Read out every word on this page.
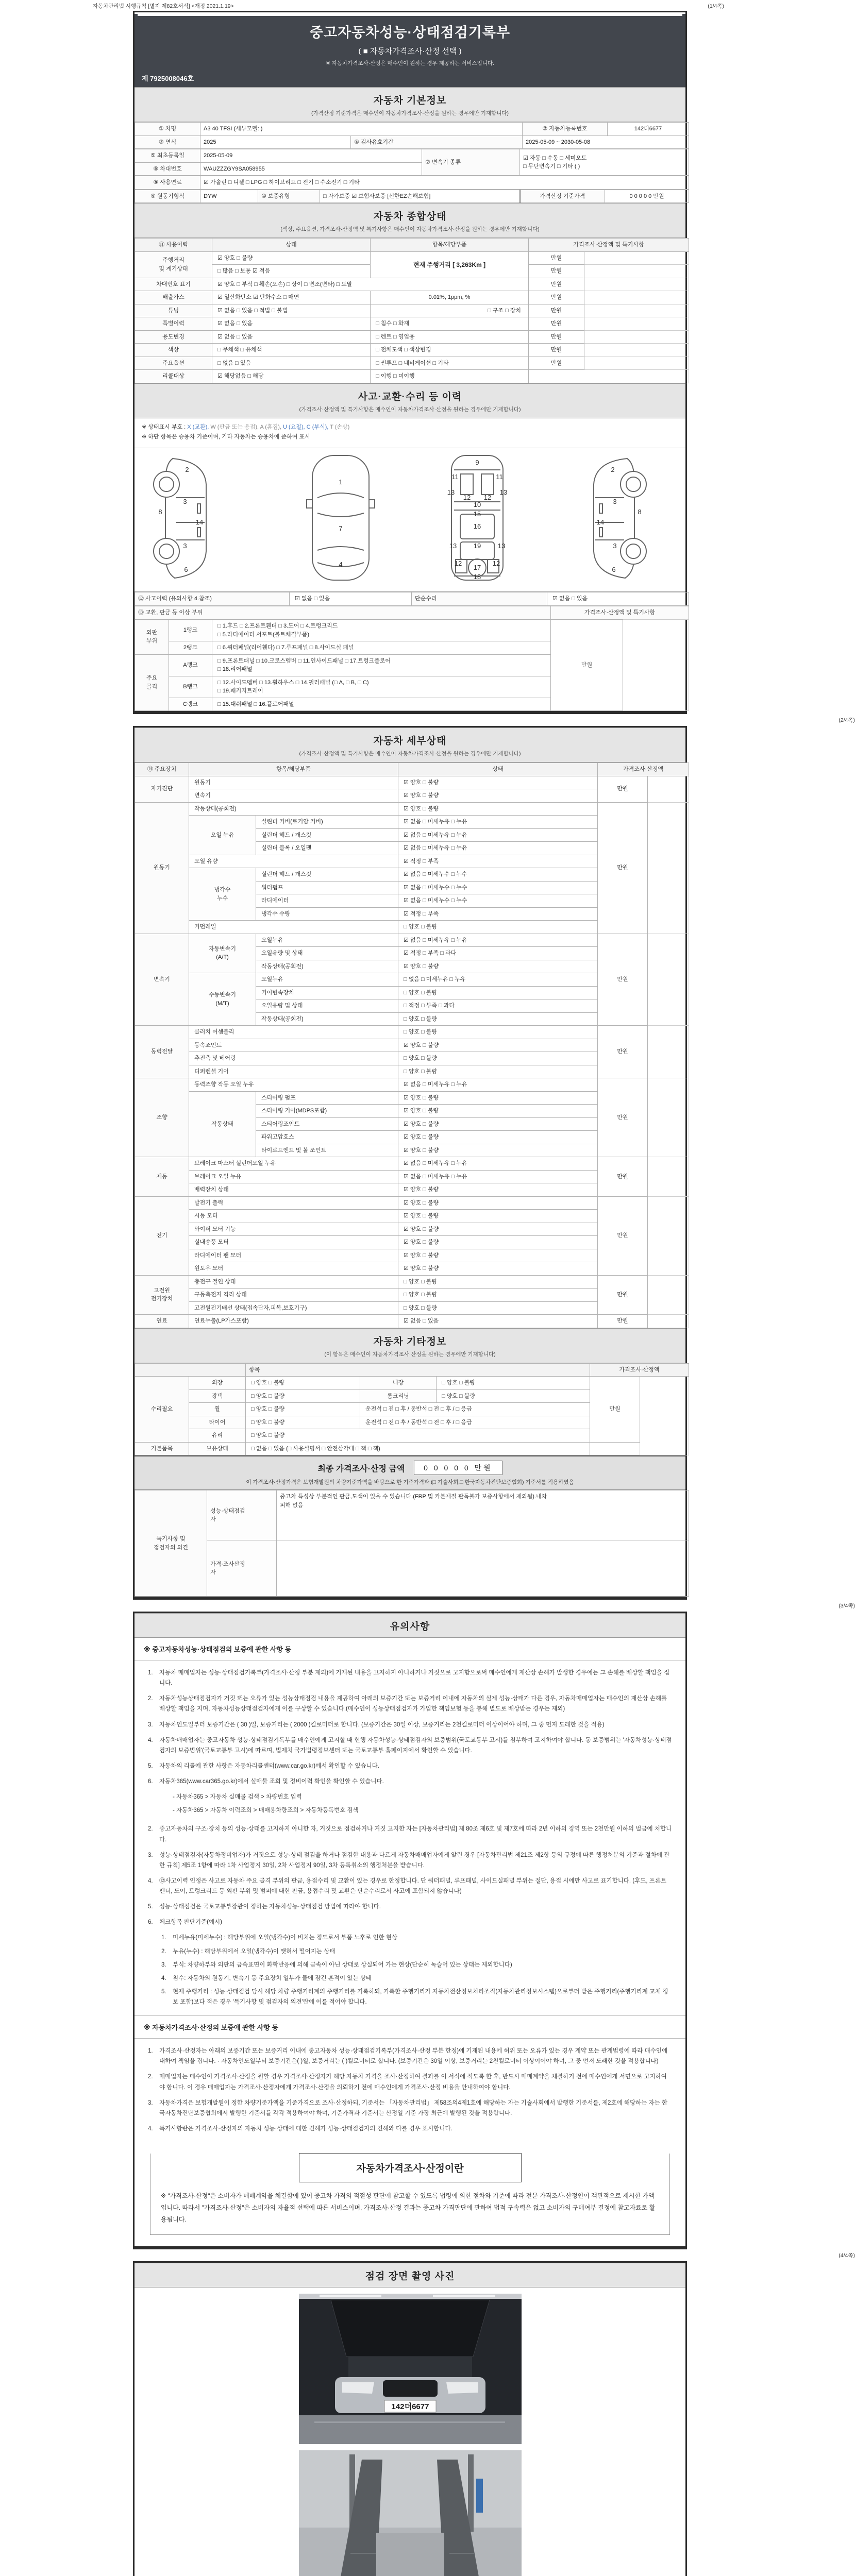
자동차관리법 시행규칙 [별지 제82호서식] <개정 2021.1.19>	(1/4쪽)
중고자동차성능·상태점검기록부
( ■ 자동차가격조사·산정 선택 )
※ 자동차가격조사·산정은 매수인이 원하는 경우 제공하는 서비스입니다.
제 7925008046호
자동차 기본정보
(가격산정 기준가격은 매수인이 자동차가격조사·산정을 원하는 경우에만 기재합니다)
① 차명	A3 40 TFSI (세부모델: )		② 자동차등록번호	142더6677
③ 연식	2025	④ 검사유효기간	2025-05-09 ~ 2030-05-08	
⑤ 최초등록일	2025-05-09	⑦ 변속기 종류	☑ 자동 □ 수동 □ 세미오토
□ 무단변속기 □ 기타 ( )
⑥ 차대번호	WAUZZZGY9SA058955		
⑧ 사용연료	☑ 가솔린 □ 디젤 □ LPG □ 하이브리드 □ 전기 □ 수소전기 □ 기타
⑨ 원동기형식	DYW	⑩ 보증유형	□ 자가보증 ☑ 보험사보증 [신한EZ손해보험]	가격산정 기준가격	0 0 0 0 0 만원
자동차 종합상태
(색상, 주요옵션, 가격조사·산정액 및 특기사항은 매수인이 자동차가격조사·산정을 원하는 경우에만 기재합니다)
⑪ 사용이력	상태	항목/해당부품	가격조사·산정액 및 특기사항	
주행거리
및 계기상태	☑ 양호 □ 불량	현재 주행거리 [ 3,263Km ]	만원	
	□ 많음 □ 보통 ☑ 적음		만원	
차대번호 표기	☑ 양호 □ 부식 □ 훼손(오손) □ 상이 □ 변조(변타) □ 도말		만원	
배출가스	☑ 일산화탄소 ☑ 탄화수소 □ 매연	0.01%, 1ppm, %	만원	
튜닝	☑ 없음 □ 있음 □ 적법 □ 불법	□ 구조 □ 장치	만원	
특별이력	☑ 없음 □ 있음	□ 침수 □ 화재	만원	
용도변경	☑ 없음 □ 있음	□ 렌트 □ 영업용	만원	
색상	□ 무채색 □ 유채색	□ 전체도색 □ 색상변경	만원	
주요옵션	□ 없음 □ 있음	□ 썬루프 □ 네비게이션 □ 기타	만원	
리콜대상	☑ 해당없음 □ 해당	□ 이행 □ 미이행		
사고·교환·수리 등 이력
(가격조사·산정액 및 특기사항은 매수인이 자동차가격조사·산정을 원하는 경우에만 기재합니다)
※ 상태표시 부호 : X (교환), W (판금 또는 용접), A (흠집), U (요철), C (부식), T (손상)
※ 하단 항목은 승용차 기준이며, 기타 자동차는 승용차에 준하여 표시
2
8
3
14
3
6
1
7
4
9
11	11
13	13
12 12
10
15
16
13	13
19
12	12
17
18
2
8
3
14
3
6
⑫ 사고이력 (유의사항 4.참조)	☑ 없음 □ 있음	단순수리	☑ 없음 □ 있음
⑬ 교환, 판금 등 이상 부위	가격조사·산정액 및 특기사항
외판
부위	1랭크	□ 1.후드 □ 2.프론트휀더 □ 3.도어 □ 4.트렁크리드
□ 5.라디에이터 서포트(볼트체결부품)	만원	
	2랭크	□ 6.쿼터패널(리어휀다) □ 7.루프패널 □ 8.사이드실 패널		
주요
골격	A랭크	□ 9.프론트패널 □ 10.크로스멤버 □ 11.인사이드패널 □ 17.트렁크플로어
□ 18.리어패널		
	B랭크	□ 12.사이드멤버 □ 13.휠하우스 □ 14.필러패널 (□ A, □ B, □ C)
□ 19.패키지트레이		
	C랭크	□ 15.대쉬패널 □ 16.플로어패널		
(2/4쪽)
자동차 세부상태
(가격조사·산정액 및 특기사항은 매수인이 자동차가격조사·산정을 원하는 경우에만 기재합니다)
⑭ 주요장치	항목/해당부품		상태	가격조사·산정액	
자기진단	원동기		☑ 양호 □ 불량	만원	
	변속기		☑ 양호 □ 불량		
원동기	작동상태(공회전)		☑ 양호 □ 불량	만원	
	오일 누유	실린더 커버(로커암 커버)	☑ 없음 □ 미세누유 □ 누유		
		실린더 헤드 / 개스킷	☑ 없음 □ 미세누유 □ 누유		
		실린더 블록 / 오일팬	☑ 없음 □ 미세누유 □ 누유		
	오일 유량		☑ 적정 □ 부족		
	냉각수
누수	실린더 헤드 / 개스킷	☑ 없음 □ 미세누수 □ 누수		
		워터펌프	☑ 없음 □ 미세누수 □ 누수		
		라디에이터	☑ 없음 □ 미세누수 □ 누수		
		냉각수 수량	☑ 적정 □ 부족		
	커먼레일		□ 양호 □ 불량		
변속기	자동변속기
(A/T)	오일누유	☑ 없음 □ 미세누유 □ 누유	만원	
		오일유량 및 상태	☑ 적정 □ 부족 □ 과다		
		작동상태(공회전)	☑ 양호 □ 불량		
	수동변속기
(M/T)	오일누유	□ 없음 □ 미세누유 □ 누유		
		기어변속장치	□ 양호 □ 불량		
		오일유량 및 상태	□ 적정 □ 부족 □ 과다		
		작동상태(공회전)	□ 양호 □ 불량		
동력전달	클러치 어셈블리		□ 양호 □ 불량	만원	
	등속죠인트		☑ 양호 □ 불량		
	추진축 및 베어링		□ 양호 □ 불량		
	디퍼렌셜 기어		□ 양호 □ 불량		
조향	동력조향 작동 오일 누유		☑ 없음 □ 미세누유 □ 누유	만원	
	작동상태	스티어링 펌프	☑ 양호 □ 불량		
		스티어링 기어(MDPS포함)	☑ 양호 □ 불량		
		스티어링조인트	☑ 양호 □ 불량		
		파워고압호스	☑ 양호 □ 불량		
		타이로드엔드 및 볼 조인트	☑ 양호 □ 불량		
제동	브레이크 마스터 실린더오일 누유		☑ 없음 □ 미세누유 □ 누유	만원	
	브레이크 오일 누유		☑ 없음 □ 미세누유 □ 누유		
	배력장치 상태		☑ 양호 □ 불량		
전기	발전기 출력		☑ 양호 □ 불량	만원	
	시동 모터		☑ 양호 □ 불량		
	와이퍼 모터 기능		☑ 양호 □ 불량		
	실내송풍 모터		☑ 양호 □ 불량		
	라디에이터 팬 모터		☑ 양호 □ 불량		
	윈도우 모터		☑ 양호 □ 불량		
고전원
전기장치	충전구 절연 상태		□ 양호 □ 불량	만원	
	구동축전지 격리 상태		□ 양호 □ 불량		
	고전원전기배선 상태(접속단자,피복,보호기구)		□ 양호 □ 불량		
연료	연료누출(LP가스포함)		☑ 없음 □ 있음	만원	
자동차 기타정보
(이 항목은 매수인이 자동차가격조사·산정을 원하는 경우에만 기재합니다)
		항목			가격조사·산정액	
수리필요	외장	□ 양호 □ 불량	내장	□ 양호 □ 불량	만원	
	광택	□ 양호 □ 불량	룸크리닝	□ 양호 □ 불량		
	휠	□ 양호 □ 불량	운전석 □ 전 □ 후 / 동반석 □ 전 □ 후 / □ 응급			
	타이어	□ 양호 □ 불량	운전석 □ 전 □ 후 / 동반석 □ 전 □ 후 / □ 응급			
	유리	□ 양호 □ 불량				
기본품목	보유상태	□ 없음 □ 있음 (□ 사용설명서 □ 안전삼각대 □ 잭 □ 잭)				
최종 가격조사·산정 금액	0 0 0 0 0 만원
이 가격조사·산정가격은 보험개발원의 차량기준가액을 바탕으로 한 기준가격과 (□ 기술사회,□ 한국자동차진단보증협회) 기준서를 적용하였음
특기사항 및
점검자의 의견	성능·상태점검
자	중고차 특성상 부분적인 판금,도색이 있을 수 있습니다.(FRP 및 카본재질 판독불가 보증사항에서 제외됨).내차
피해 없음
	가격·조사산정
자	
(3/4쪽)
유의사항
※ 중고자동차성능·상태점검의 보증에 관한 사항 등
1.	자동차 매매업자는 성능·상태점검기록부(가격조사·산정 부분 제외)에 기재된 내용을 고지하지 아니하거나 거짓으로 고지함으로써 매수인에게 재산상 손해가 발생한 경우에는 그 손해를 배상할 책임을 집니다.
2.	자동차성능상태점검자가 거짓 또는 오류가 있는 성능상태점검 내용을 제공하여 아래의 보증기간 또는 보증거리 이내에 자동차의 실제 성능·상태가 다른 경우, 자동차매매업자는 매수인의 재산상 손해를 배상할 책임을 지며, 자동차성능상태점검자에게 이를 구상할 수 있습니다.(매수인이 성능상태점검자가 가입한 책임보험 등을 통해 별도로 배상받는 경우는 제외)
3.	자동차인도일부터 보증기간은 ( 30 )일, 보증거리는 ( 2000 )킬로미터로 합니다. (보증기간은 30일 이상, 보증거리는 2천킬로미터 이상이어야 하며, 그 중 먼저 도래한 것을 적용)
4.	자동차매매업자는 중고자동차 성능·상태점검기록부를 매수인에게 고지할 때 현행 자동차성능·상태점검자의 보증범위(국토교통부 고시)를 첨부하여 고지하여야 합니다. 동 보증범위는 '자동차성능·상태점검자의 보증범위'(국토교통부 고시)에 따르며, 법제처 국가법령정보센터 또는 국토교통부 홈페이지에서 확인할 수 있습니다.
5.	자동차의 리콜에 관한 사항은 자동차리콜센터(www.car.go.kr)에서 확인할 수 있습니다.
6.	자동차365(www.car365.go.kr)에서 실매물 조회 및 정비이력 확인을 확인할 수 있습니다.
- 자동차365 > 자동차 실매물 검색 > 차량번호 입력
- 자동차365 > 자동차 이력조회 > 매매용차량조회 > 자동차등록번호 검색
2.	중고자동차의 구조·장치 등의 성능·상태를 고지하지 아니한 자, 거짓으로 점검하거나 거짓 고지한 자는 [자동차관리법] 제 80조 제6호 및 제7호에 따라 2년 이하의 징역 또는 2천만원 이하의 벌금에 처합니다.
3.	성능·상태점검자(자동차정비업자)가 거짓으로 성능·상태 점검을 하거나 점검한 내용과 다르게 자동차매매업자에게 알린 경우 [자동차관리법 제21조 제2항 등의 규정에 따른 행정처분의 기준과 절차에 관한 규칙] 제5조 1항에 따라 1차 사업정지 30일, 2차 사업정지 90일, 3차 등록취소의 행정처분을 받습니다.
4.	⑫사고이력 인정은 사고로 자동차 주요 골격 부위의 판금, 용접수리 및 교환이 있는 경우로 한정합니다. 단 쿼터패널, 루프패널, 사이드실패널 부위는 절단, 용접 시에만 사고로 표기합니다. (후드, 프론트펜더, 도어, 트렁크리드 등 외판 부위 및 범퍼에 대한 판금, 용접수리 및 교환은 단순수리로서 사고에 포함되지 않습니다)
5.	성능·상태점검은 국토교통부장관이 정하는 자동차성능·상태점검 방법에 따라야 합니다.
6.	체크항목 판단기준(예시)
1.	미세누유(미세누수) : 해당부위에 오일(냉각수)이 비치는 정도로서 부품 노후로 인한 현상
2.	누유(누수) : 해당부위에서 오일(냉각수)이 맺혀서 떨어지는 상태
3.	부식: 차량하부와 외판의 금속표면이 화학반응에 의해 금속이 아닌 상태로 상실되어 가는 현상(단순히 녹슬어 있는 상태는 제외합니다)
4.	침수: 자동차의 원동기, 변속기 등 주요장치 일부가 물에 잠긴 흔적이 있는 상태
5.	현재 주행거리 : 성능·상태점검 당시 해당 차량 주행거리계의 주행거리를 기록하되, 기록한 주행거리가 자동차전산정보처리조직(자동차관리정보시스템)으로부터 받은 주행거리(주행거리계 교체 정보 포함)보다 적은 경우 '특기사항 및 점검자의 의견'란에 이를 적어야 합니다.
※ 자동차가격조사·산정의 보증에 관한 사항 등
1.	가격조사·산정자는 아래의 보증기간 또는 보증거리 이내에 중고자동차 성능·상태점검기록부(가격조사·산정 부분 한정)에 기재된 내용에 허위 또는 오류가 있는 경우 계약 또는 관계법령에 따라 매수인에 대하여 책임을 집니다. · 자동차인도일부터 보증기간은( )일, 보증거리는 ( )킬로미터로 합니다. (보증기간은 30일 이상, 보증거리는 2천킬로미터 이상이어야 하며, 그 중 먼저 도래한 것을 적용합니다)
2.	매매업자는 매수인이 가격조사·산정을 원할 경우 가격조사·산정자가 해당 자동차 가격을 조사·산정하여 결과를 이 서식에 적도록 한 후, 반드시 매매계약을 체결하기 전에 매수인에게 서면으로 고지하여야 합니다. 이 경우 매매업자는 가격조사·산정자에게 가격조사·산정을 의뢰하기 전에 매수인에게 가격조사·산정 비용을 안내하여야 합니다.
3.	자동차가격은 보험개발원이 정한 차량기준가액을 기준가격으로 조사·산정하되, 기준서는 「자동차관리법」 제58조의4제1호에 해당하는 자는 기술사회에서 발행한 기준서를, 제2호에 해당하는 자는 한국자동차진단보증협회에서 발행한 기준서를 각각 적용하여야 하며, 기준가격과 기준서는 산정일 기준 가장 최근에 발행된 것을 적용합니다.
4.	특기사항란은 가격조사·산정자의 자동차 성능·상태에 대한 견해가 성능·상태점검자의 견해와 다를 경우 표시합니다.
자동차가격조사·산정이란
※ "가격조사·산정"은 소비자가 매매계약을 체결함에 있어 중고차 가격의 적절성 판단에 참고할 수 있도록 법령에 의한 절차와 기준에 따라 전문 가격조사·산정인이 객관적으로 제시한 가액입니다. 따라서 "가격조사·산정"은 소비자의 자율적 선택에 따른 서비스이며, 가격조사·산정 결과는 중고차 가격판단에 관하여 법적 구속력은 없고 소비자의 구매여부 결정에 참고자료로 활용됩니다.
(4/4쪽)
점검 장면 촬영 사진
142더6677
